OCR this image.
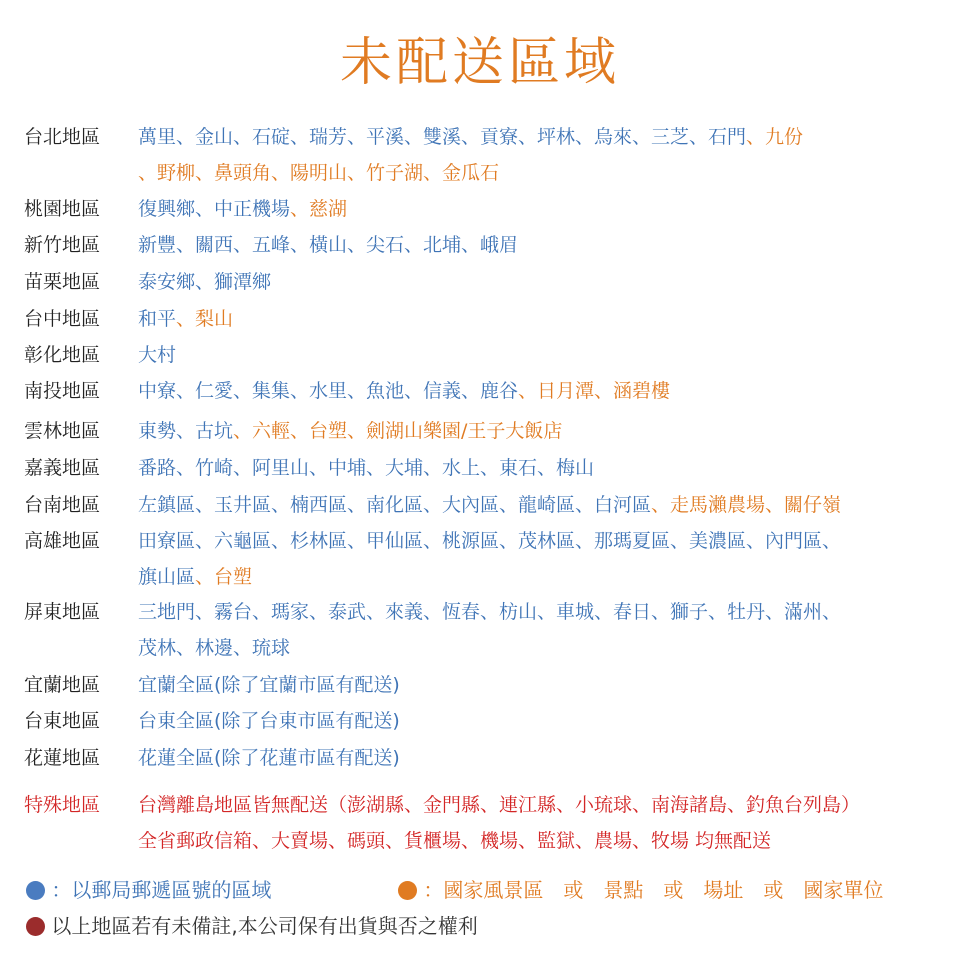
未配送區域
台北地區	萬里、金山、石碇、瑞芳、平溪、雙溪、貢寮、坪林、烏來、三芝、石門、九份
、野柳、鼻頭角、陽明山、竹子湖、金瓜石
桃園地區	復興鄉、中正機場、慈湖
新竹地區	新豐、關西、五峰、橫山、尖石、北埔、峨眉
苗栗地區	泰安鄉、獅潭鄉
台中地區	和平、梨山
彰化地區	大村
南投地區	中寮、仁愛、集集、水里、魚池、信義、鹿谷、日月潭、涵碧樓
雲林地區	東勢、古坑、六輕、台塑、劍湖山樂園/王子大飯店
嘉義地區	番路、竹崎、阿里山、中埔、大埔、水上、東石、梅山
台南地區	左鎮區、玉井區、楠西區、南化區、大內區、龍崎區、白河區、走馬瀨農場、關仔嶺
高雄地區	田寮區、六龜區、杉林區、甲仙區、桃源區、茂林區、那瑪夏區、美濃區、內門區、
旗山區、台塑
屏東地區	三地門、霧台、瑪家、泰武、來義、恆春、枋山、車城、春日、獅子、牡丹、滿州、
茂林、林邊、琉球
宜蘭地區	宜蘭全區(除了宜蘭市區有配送)
台東地區	台東全區(除了台東市區有配送)
花蓮地區	花蓮全區(除了花蓮市區有配送)
特殊地區	台灣離島地區皆無配送（澎湖縣、金門縣、連江縣、小琉球、南海諸島、釣魚台列島）
全省郵政信箱、大賣場、碼頭、貨櫃場、機場、監獄、農場、牧場 均無配送
：以郵局郵遞區號的區域	：國家風景區　或　景點　或　場址　或　國家單位
以上地區若有未備註,本公司保有出貨與否之權利
